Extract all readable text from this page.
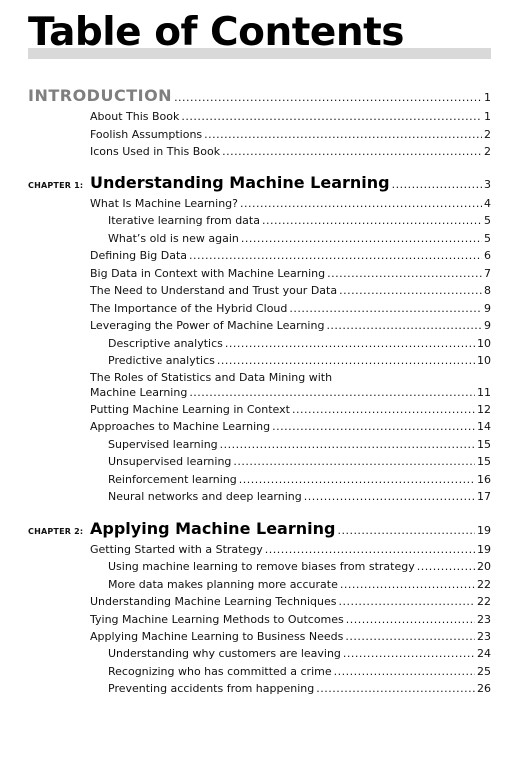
Table of Contents
INTRODUCTION .....	1
About This Book .....	1
Foolish Assumptions .....	2
Icons Used in This Book .....	2
CHAPTER 1: Understanding Machine Learning .....	3
What Is Machine Learning? .....	4
Iterative learning from data .....	5
What’s old is new again .....	5
Defining Big Data .....	6
Big Data in Context with Machine Learning .....	7
The Need to Understand and Trust your Data .....	8
The Importance of the Hybrid Cloud .....	9
Leveraging the Power of Machine Learning .....	9
Descriptive analytics .....	10
Predictive analytics .....	10
The Roles of Statistics and Data Mining with
Machine Learning .....	11
Putting Machine Learning in Context .....	12
Approaches to Machine Learning .....	14
Supervised learning .....	15
Unsupervised learning .....	15
Reinforcement learning .....	16
Neural networks and deep learning .....	17
CHAPTER 2: Applying Machine Learning .....	19
Getting Started with a Strategy .....	19
Using machine learning to remove biases from strategy .....	20
More data makes planning more accurate .....	22
Understanding Machine Learning Techniques .....	22
Tying Machine Learning Methods to Outcomes .....	23
Applying Machine Learning to Business Needs .....	23
Understanding why customers are leaving .....	24
Recognizing who has committed a crime .....	25
Preventing accidents from happening .....	26
